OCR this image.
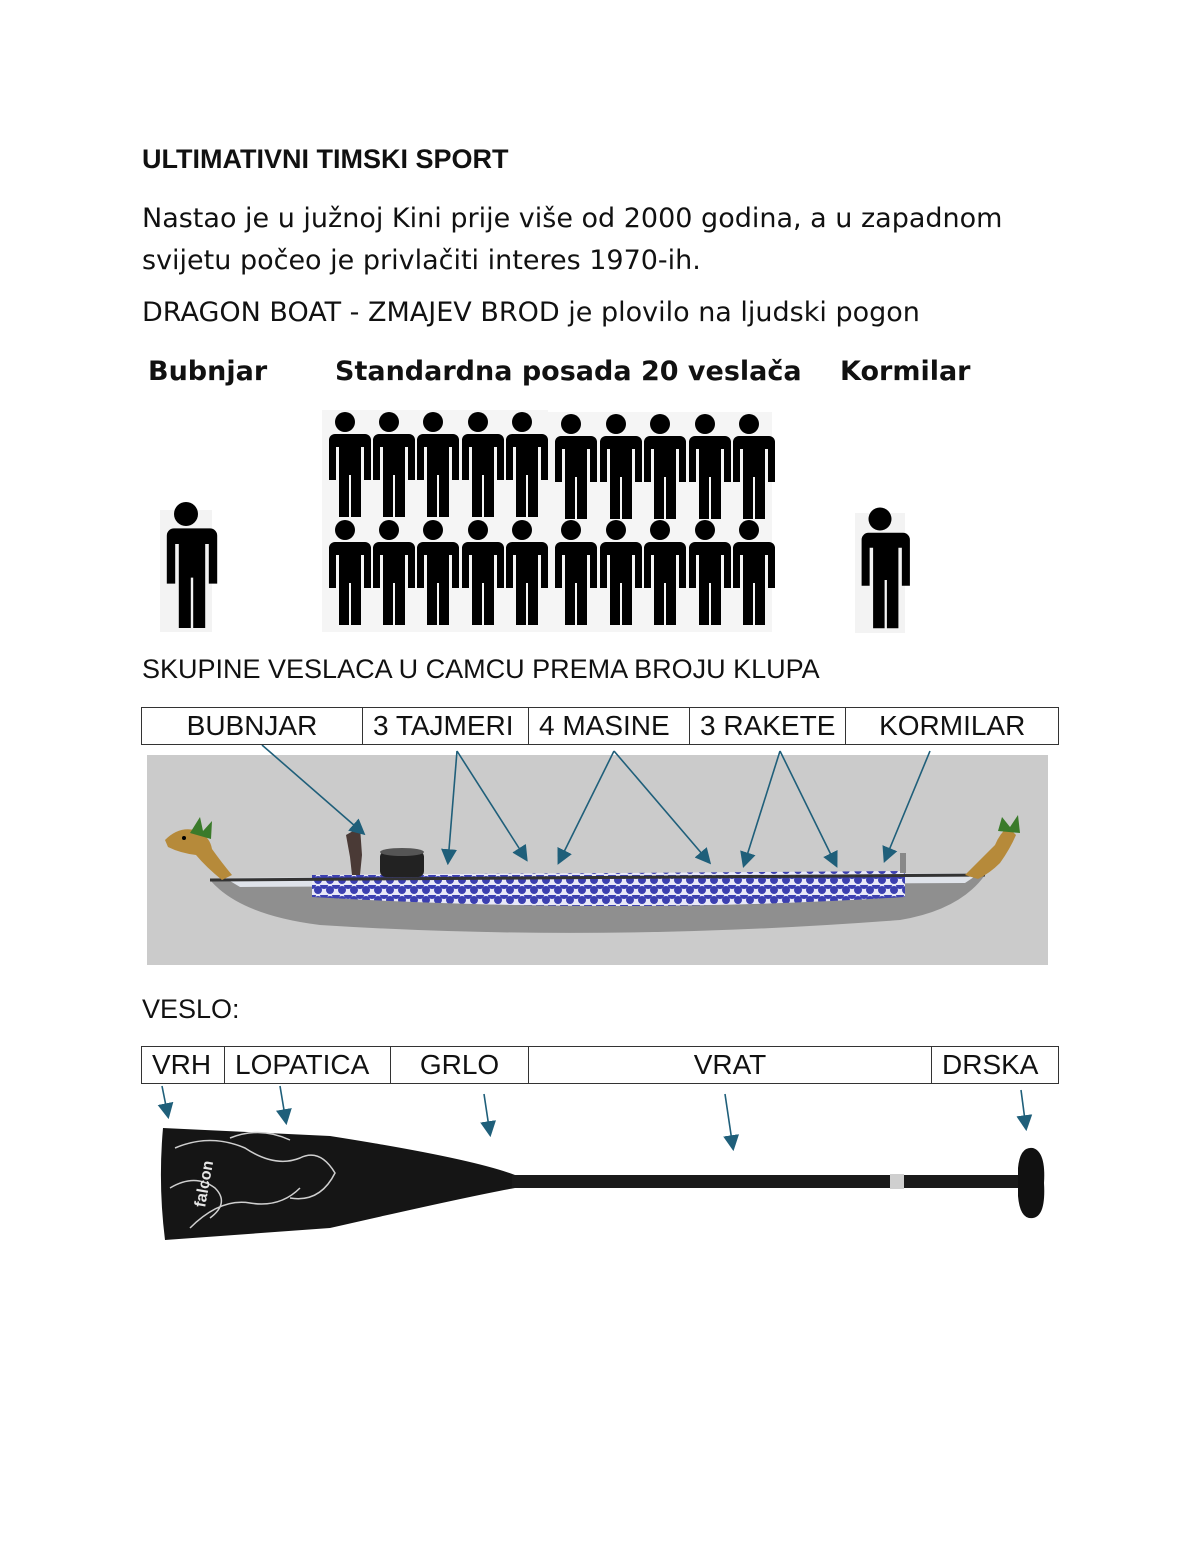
ULTIMATIVNI TIMSKI SPORT
Nastao je u južnoj Kini prije više od 2000 godina, a u zapadnom svijetu počeo je privlačiti interes 1970-ih.
DRAGON BOAT - ZMAJEV BROD je plovilo na ljudski pogon
Bubnjar	Standardna posada 20 veslača Kormilar
SKUPINE VESLACA U CAMCU PREMA BROJU KLUPA
BUBNJAR	3 TAJMERI	4 MASINE	3 RAKETE	KORMILAR
VESLO:
VRH	LOPATICA	GRLO	VRAT	DRSKA
falcon
